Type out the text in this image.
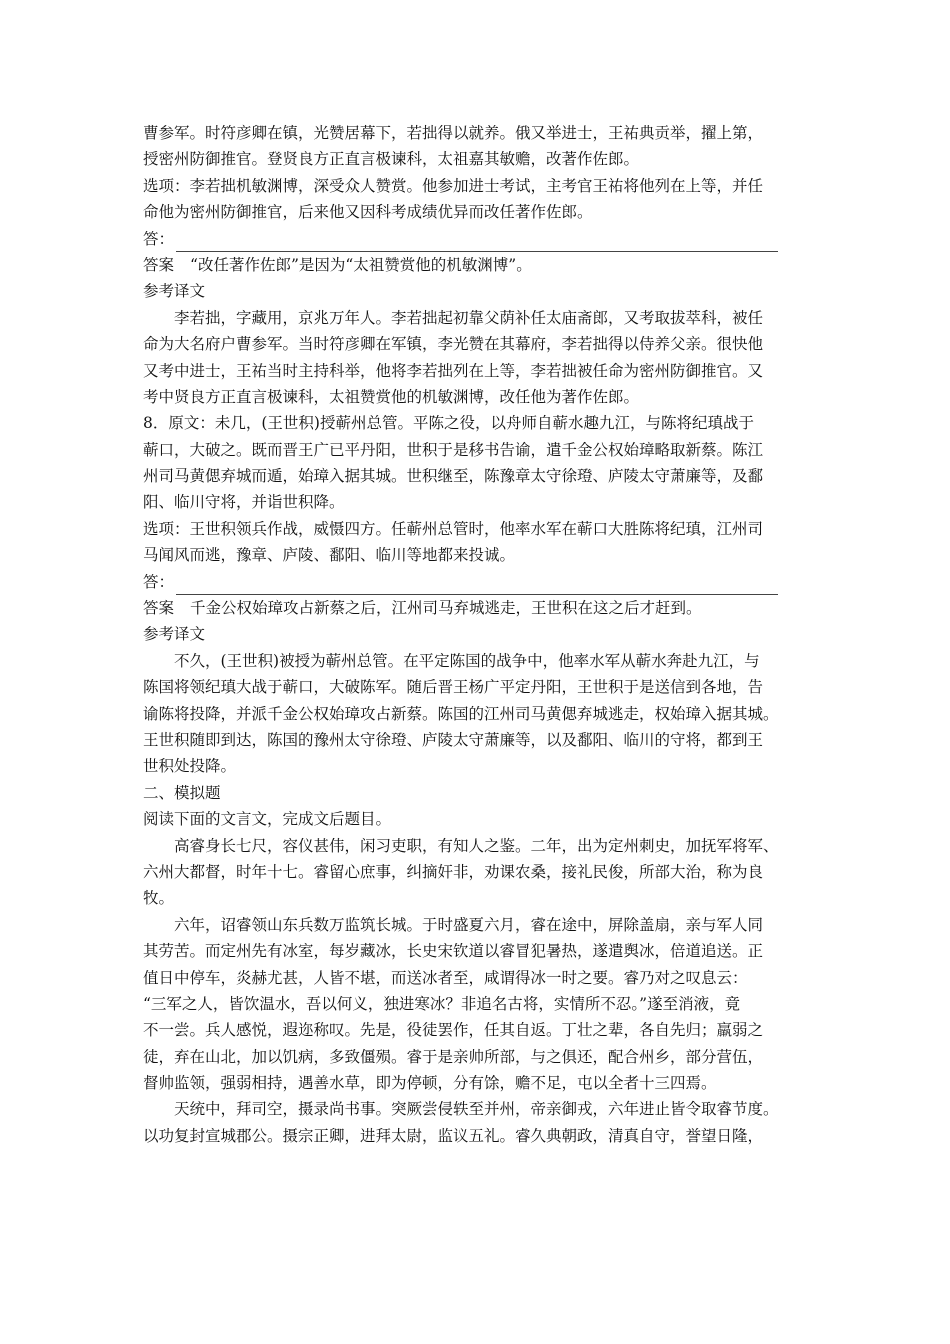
曹参军。时符彦卿在镇，光赞居幕下，若拙得以就养。俄又举进士，王祐典贡举，擢上第，
授密州防御推官。登贤良方正直言极谏科，太祖嘉其敏赡，改著作佐郎。
选项：李若拙机敏渊博，深受众人赞赏。他参加进士考试，主考官王祐将他列在上等，并任
命他为密州防御推官，后来他又因科考成绩优异而改任著作佐郎。
答：
答案 “改任著作佐郎”是因为“太祖赞赏他的机敏渊博”。
参考译文
李若拙，字藏用，京兆万年人。李若拙起初靠父荫补任太庙斋郎，又考取拔萃科，被任
命为大名府户曹参军。当时符彦卿在军镇，李光赞在其幕府，李若拙得以侍养父亲。很快他
又考中进士，王祐当时主持科举，他将李若拙列在上等，李若拙被任命为密州防御推官。又
考中贤良方正直言极谏科，太祖赞赏他的机敏渊博，改任他为著作佐郎。
8．原文：未几，(王世积)授蕲州总管。平陈之役，以舟师自蕲水趣九江，与陈将纪瑱战于
蕲口，大破之。既而晋王广已平丹阳，世积于是移书告谕，遣千金公权始璋略取新蔡。陈江
州司马黄偲弃城而遁，始璋入据其城。世积继至，陈豫章太守徐璒、庐陵太守萧廉等，及鄱
阳、临川守将，并诣世积降。
选项：王世积领兵作战，威慑四方。任蕲州总管时，他率水军在蕲口大胜陈将纪瑱，江州司
马闻风而逃，豫章、庐陵、鄱阳、临川等地都来投诚。
答：
答案 千金公权始璋攻占新蔡之后，江州司马弃城逃走，王世积在这之后才赶到。
参考译文
不久，(王世积)被授为蕲州总管。在平定陈国的战争中，他率水军从蕲水奔赴九江，与
陈国将领纪瑱大战于蕲口，大破陈军。随后晋王杨广平定丹阳，王世积于是送信到各地，告
谕陈将投降，并派千金公权始璋攻占新蔡。陈国的江州司马黄偲弃城逃走，权始璋入据其城。
王世积随即到达，陈国的豫州太守徐璒、庐陵太守萧廉等，以及鄱阳、临川的守将，都到王
世积处投降。
二、模拟题
阅读下面的文言文，完成文后题目。
高睿身长七尺，容仪甚伟，闲习吏职，有知人之鉴。二年，出为定州刺史，加抚军将军、
六州大都督，时年十七。睿留心庶事，纠摘奸非，劝课农桑，接礼民俊，所部大治，称为良
牧。
六年，诏睿领山东兵数万监筑长城。于时盛夏六月，睿在途中，屏除盖扇，亲与军人同
其劳苦。而定州先有冰室，每岁藏冰，长史宋钦道以睿冒犯暑热，遂遣舆冰，倍道追送。正
值日中停车，炎赫尤甚，人皆不堪，而送冰者至，咸谓得冰一时之要。睿乃对之叹息云：
“三军之人，皆饮温水，吾以何义，独进寒冰？非追名古将，实情所不忍。”遂至消液，竟
不一尝。兵人感悦，遐迩称叹。先是，役徒罢作，任其自返。丁壮之辈，各自先归；羸弱之
徒，弃在山北，加以饥病，多致僵殒。睿于是亲帅所部，与之俱还，配合州乡，部分营伍，
督帅监领，强弱相持，遇善水草，即为停顿，分有馀，赡不足，屯以全者十三四焉。
天统中，拜司空，摄录尚书事。突厥尝侵轶至并州，帝亲御戎，六年进止皆令取睿节度。
以功复封宣城郡公。摄宗正卿，进拜太尉，监议五礼。睿久典朝政，清真自守，誉望日隆，
